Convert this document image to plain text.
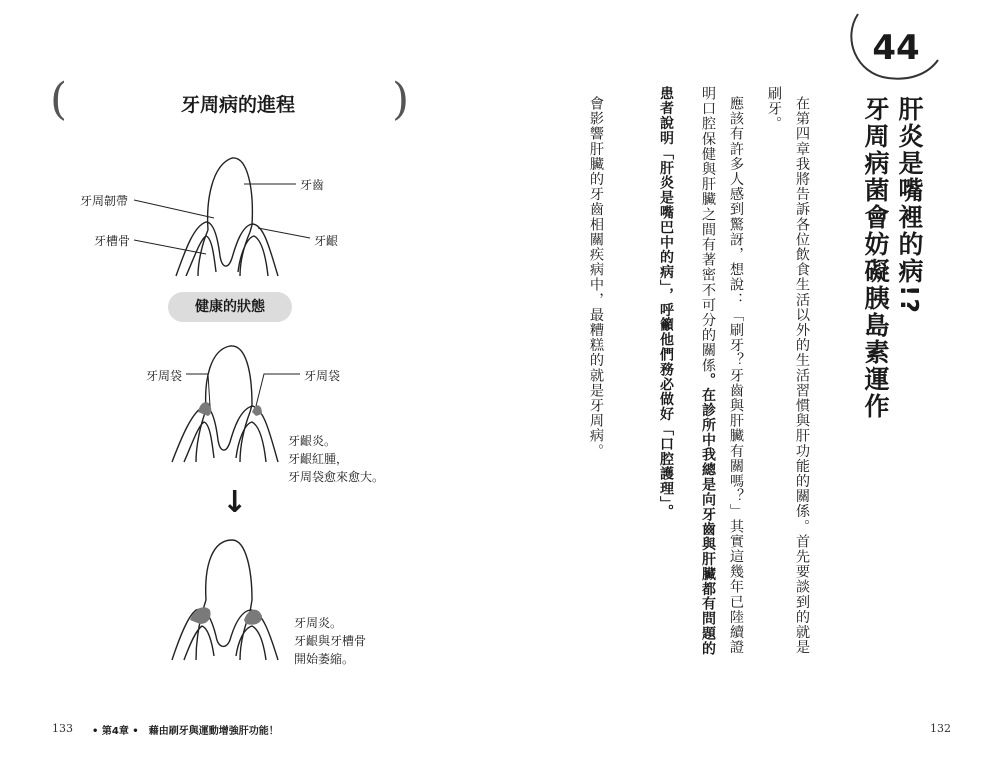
(	)
牙周病的進程
牙齒
牙周韌帶
牙槽骨	牙齦
健康的狀態
牙周袋	牙周袋
牙齦炎。
牙齦紅腫，
牙周袋愈來愈大。
↓
牙周炎。
牙齦與牙槽骨
開始萎縮。
133 • 第4章 •　藉由刷牙與運動增強肝功能！
44
肝炎是嘴裡的病!?
牙周病菌會妨礙胰島素運作
在第四章我將告訴各位飲食生活以外的生活習慣與肝功能的關係。首先要談到的就是
刷牙。
應該有許多人感到驚訝，想說：「刷牙？牙齒與肝臟有關嗎？」其實這幾年已陸續證
明口腔保健與肝臟之間有著密不可分的關係。在診所中我總是向牙齒與肝臟都有問題的
患者說明「肝炎是嘴巴中的病」，呼籲他們務必做好「口腔護理」。
會影響肝臟的牙齒相關疾病中，最糟糕的就是牙周病。
132
